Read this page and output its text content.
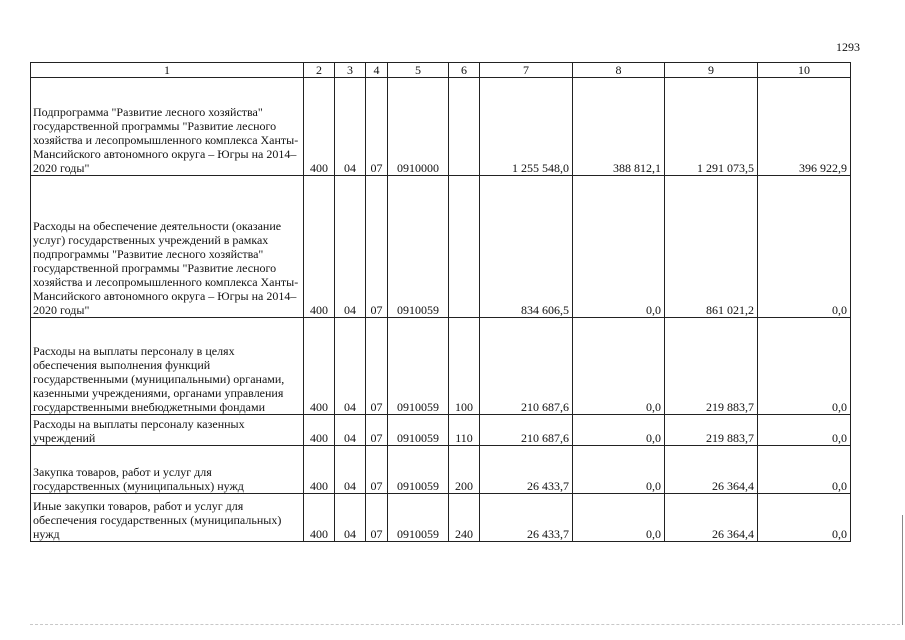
1293
1	2	3	4	5	6	7	8	9	10
Подпрограмма "Развитие лесного хозяйства" государственной программы "Развитие лесного хозяйства и лесопромышленного комплекса Ханты-Мансийского автономного округа – Югры на 2014–2020 годы"	400	04	07	0910000		1 255 548,0	388 812,1	1 291 073,5	396 922,9
Расходы на обеспечение деятельности (оказание услуг) государственных учреждений в рамках подпрограммы "Развитие лесного хозяйства" государственной программы "Развитие лесного хозяйства и лесопромышленного комплекса Ханты-Мансийского автономного округа – Югры на 2014–2020 годы"	400	04	07	0910059		834 606,5	0,0	861 021,2	0,0
Расходы на выплаты персоналу в целях обеспечения выполнения функций государственными (муниципальными) органами, казенными учреждениями, органами управления государственными внебюджетными фондами	400	04	07	0910059	100	210 687,6	0,0	219 883,7	0,0
Расходы на выплаты персоналу казенных учреждений	400	04	07	0910059	110	210 687,6	0,0	219 883,7	0,0
Закупка товаров, работ и услуг для государственных (муниципальных) нужд	400	04	07	0910059	200	26 433,7	0,0	26 364,4	0,0
Иные закупки товаров, работ и услуг для обеспечения государственных (муниципальных) нужд	400	04	07	0910059	240	26 433,7	0,0	26 364,4	0,0
